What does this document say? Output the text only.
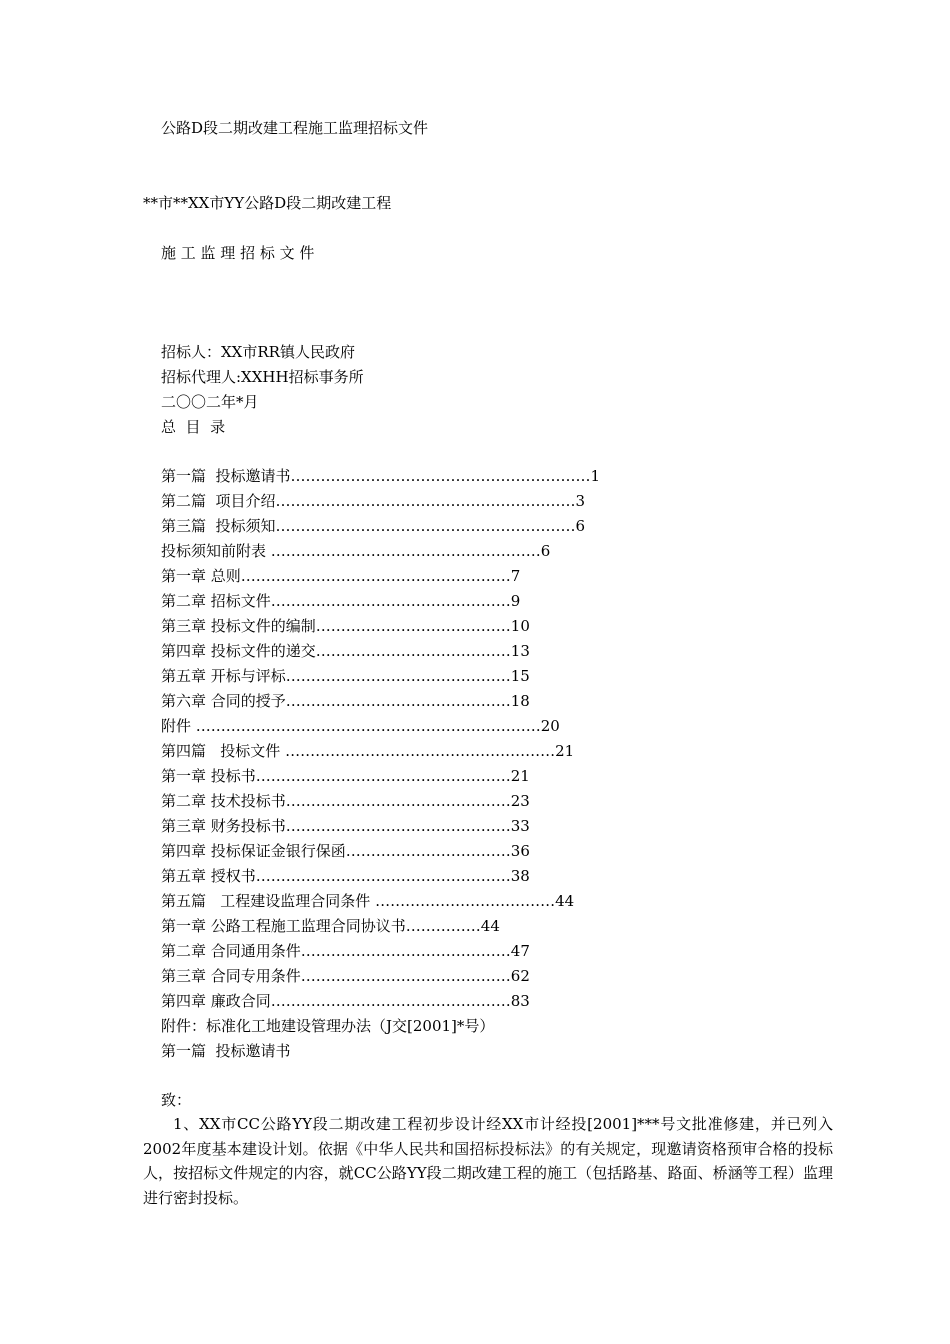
公路D段二期改建工程施工监理招标文件
**市**XX市YY公路D段二期改建工程
施 工 监 理 招 标 文 件
招标人：XX市RR镇人民政府
招标代理人:XXHH招标事务所
二〇〇二年*月
总  目  录
第一篇  投标邀请书……………………………………………………1
第二篇  项目介绍……………………………………………………3
第三篇  投标须知……………………………………………………6
投标须知前附表 ………………………………………………6
第一章 总则………………………………………………7
第二章 招标文件…………………………………………9
第三章 投标文件的编制…………………………………10
第四章 投标文件的递交…………………………………13
第五章 开标与评标………………………………………15
第六章 合同的授予………………………………………18
附件 ……………………………………………………………20
第四篇   投标文件 ………………………………………………21
第一章 投标书……………………………………………21
第二章 技术投标书………………………………………23
第三章 财务投标书………………………………………33
第四章 投标保证金银行保函……………………………36
第五章 授权书……………………………………………38
第五篇   工程建设监理合同条件 ………………………………44
第一章 公路工程施工监理合同协议书……………44
第二章 合同通用条件……………………………………47
第三章 合同专用条件……………………………………62
第四章 廉政合同…………………………………………83
附件：标准化工地建设管理办法（J交[2001]*号）
第一篇  投标邀请书
致：
1、XX市CC公路YY段二期改建工程初步设计经XX市计经投[2001]***号文批准修建，并已列入2002年度基本建设计划。依据《中华人民共和国招标投标法》的有关规定，现邀请资格预审合格的投标人，按招标文件规定的内容，就CC公路YY段二期改建工程的施工（包括路基、路面、桥涵等工程）监理进行密封投标。
